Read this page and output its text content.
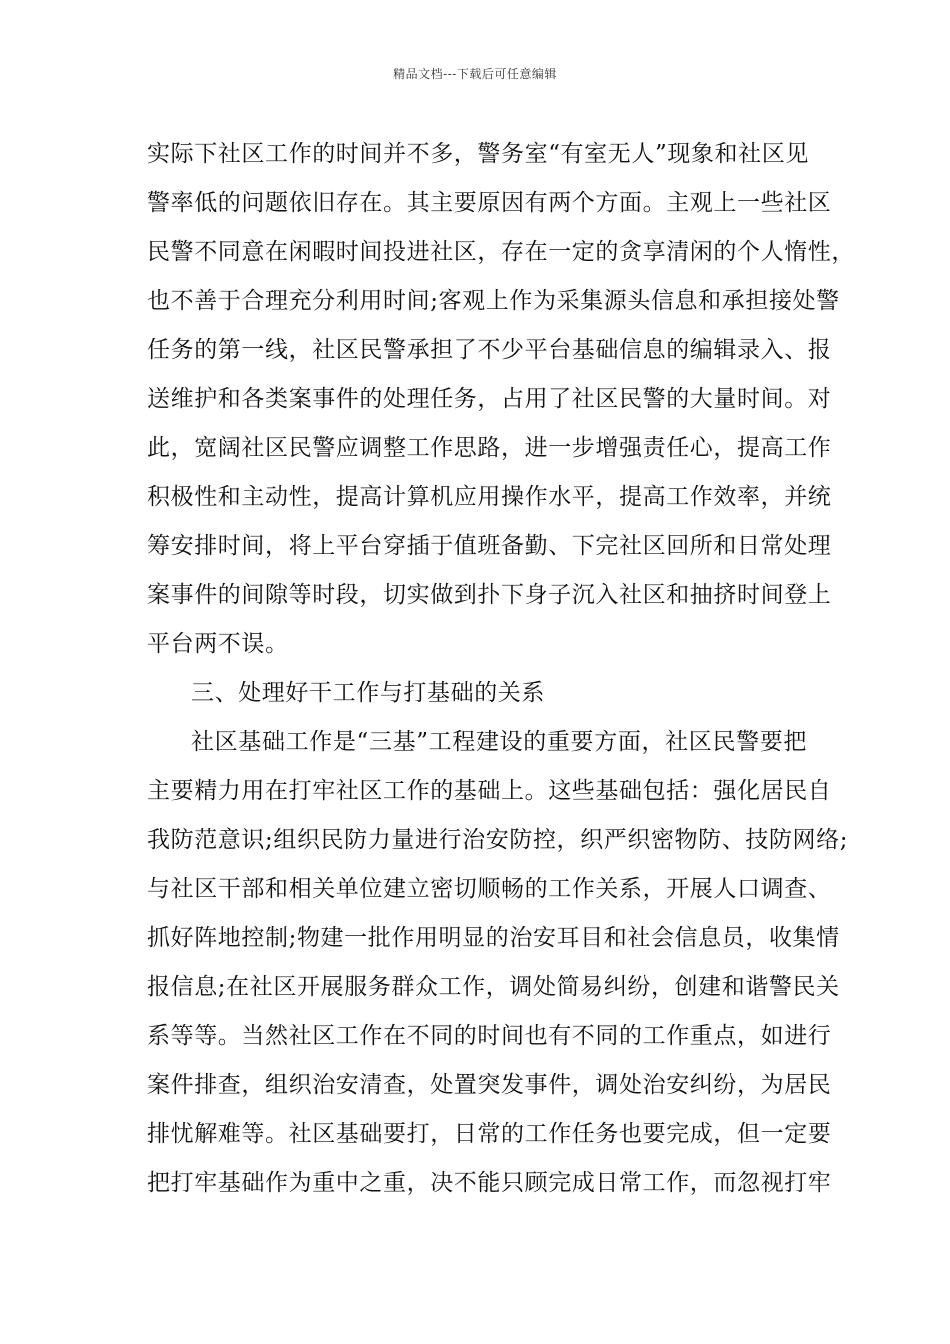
精品文档---下载后可任意编辑
实际下社区工作的时间并不多，警务室“有室无人”现象和社区见
警率低的问题依旧存在。其主要原因有两个方面。主观上一些社区
民警不同意在闲暇时间投进社区，存在一定的贪享清闲的个人惰性，
也不善于合理充分利用时间;客观上作为采集源头信息和承担接处警
任务的第一线，社区民警承担了不少平台基础信息的编辑录入、报
送维护和各类案事件的处理任务，占用了社区民警的大量时间。对
此，宽阔社区民警应调整工作思路，进一步增强责任心，提高工作
积极性和主动性，提高计算机应用操作水平，提高工作效率，并统
筹安排时间，将上平台穿插于值班备勤、下完社区回所和日常处理
案事件的间隙等时段，切实做到扑下身子沉入社区和抽挤时间登上
平台两不误。
三、处理好干工作与打基础的关系
社区基础工作是“三基”工程建设的重要方面，社区民警要把
主要精力用在打牢社区工作的基础上。这些基础包括：强化居民自
我防范意识;组织民防力量进行治安防控，织严织密物防、技防网络;
与社区干部和相关单位建立密切顺畅的工作关系，开展人口调查、
抓好阵地控制;物建一批作用明显的治安耳目和社会信息员，收集情
报信息;在社区开展服务群众工作，调处简易纠纷，创建和谐警民关
系等等。当然社区工作在不同的时间也有不同的工作重点，如进行
案件排查，组织治安清查，处置突发事件，调处治安纠纷，为居民
排忧解难等。社区基础要打，日常的工作任务也要完成，但一定要
把打牢基础作为重中之重，决不能只顾完成日常工作，而忽视打牢
